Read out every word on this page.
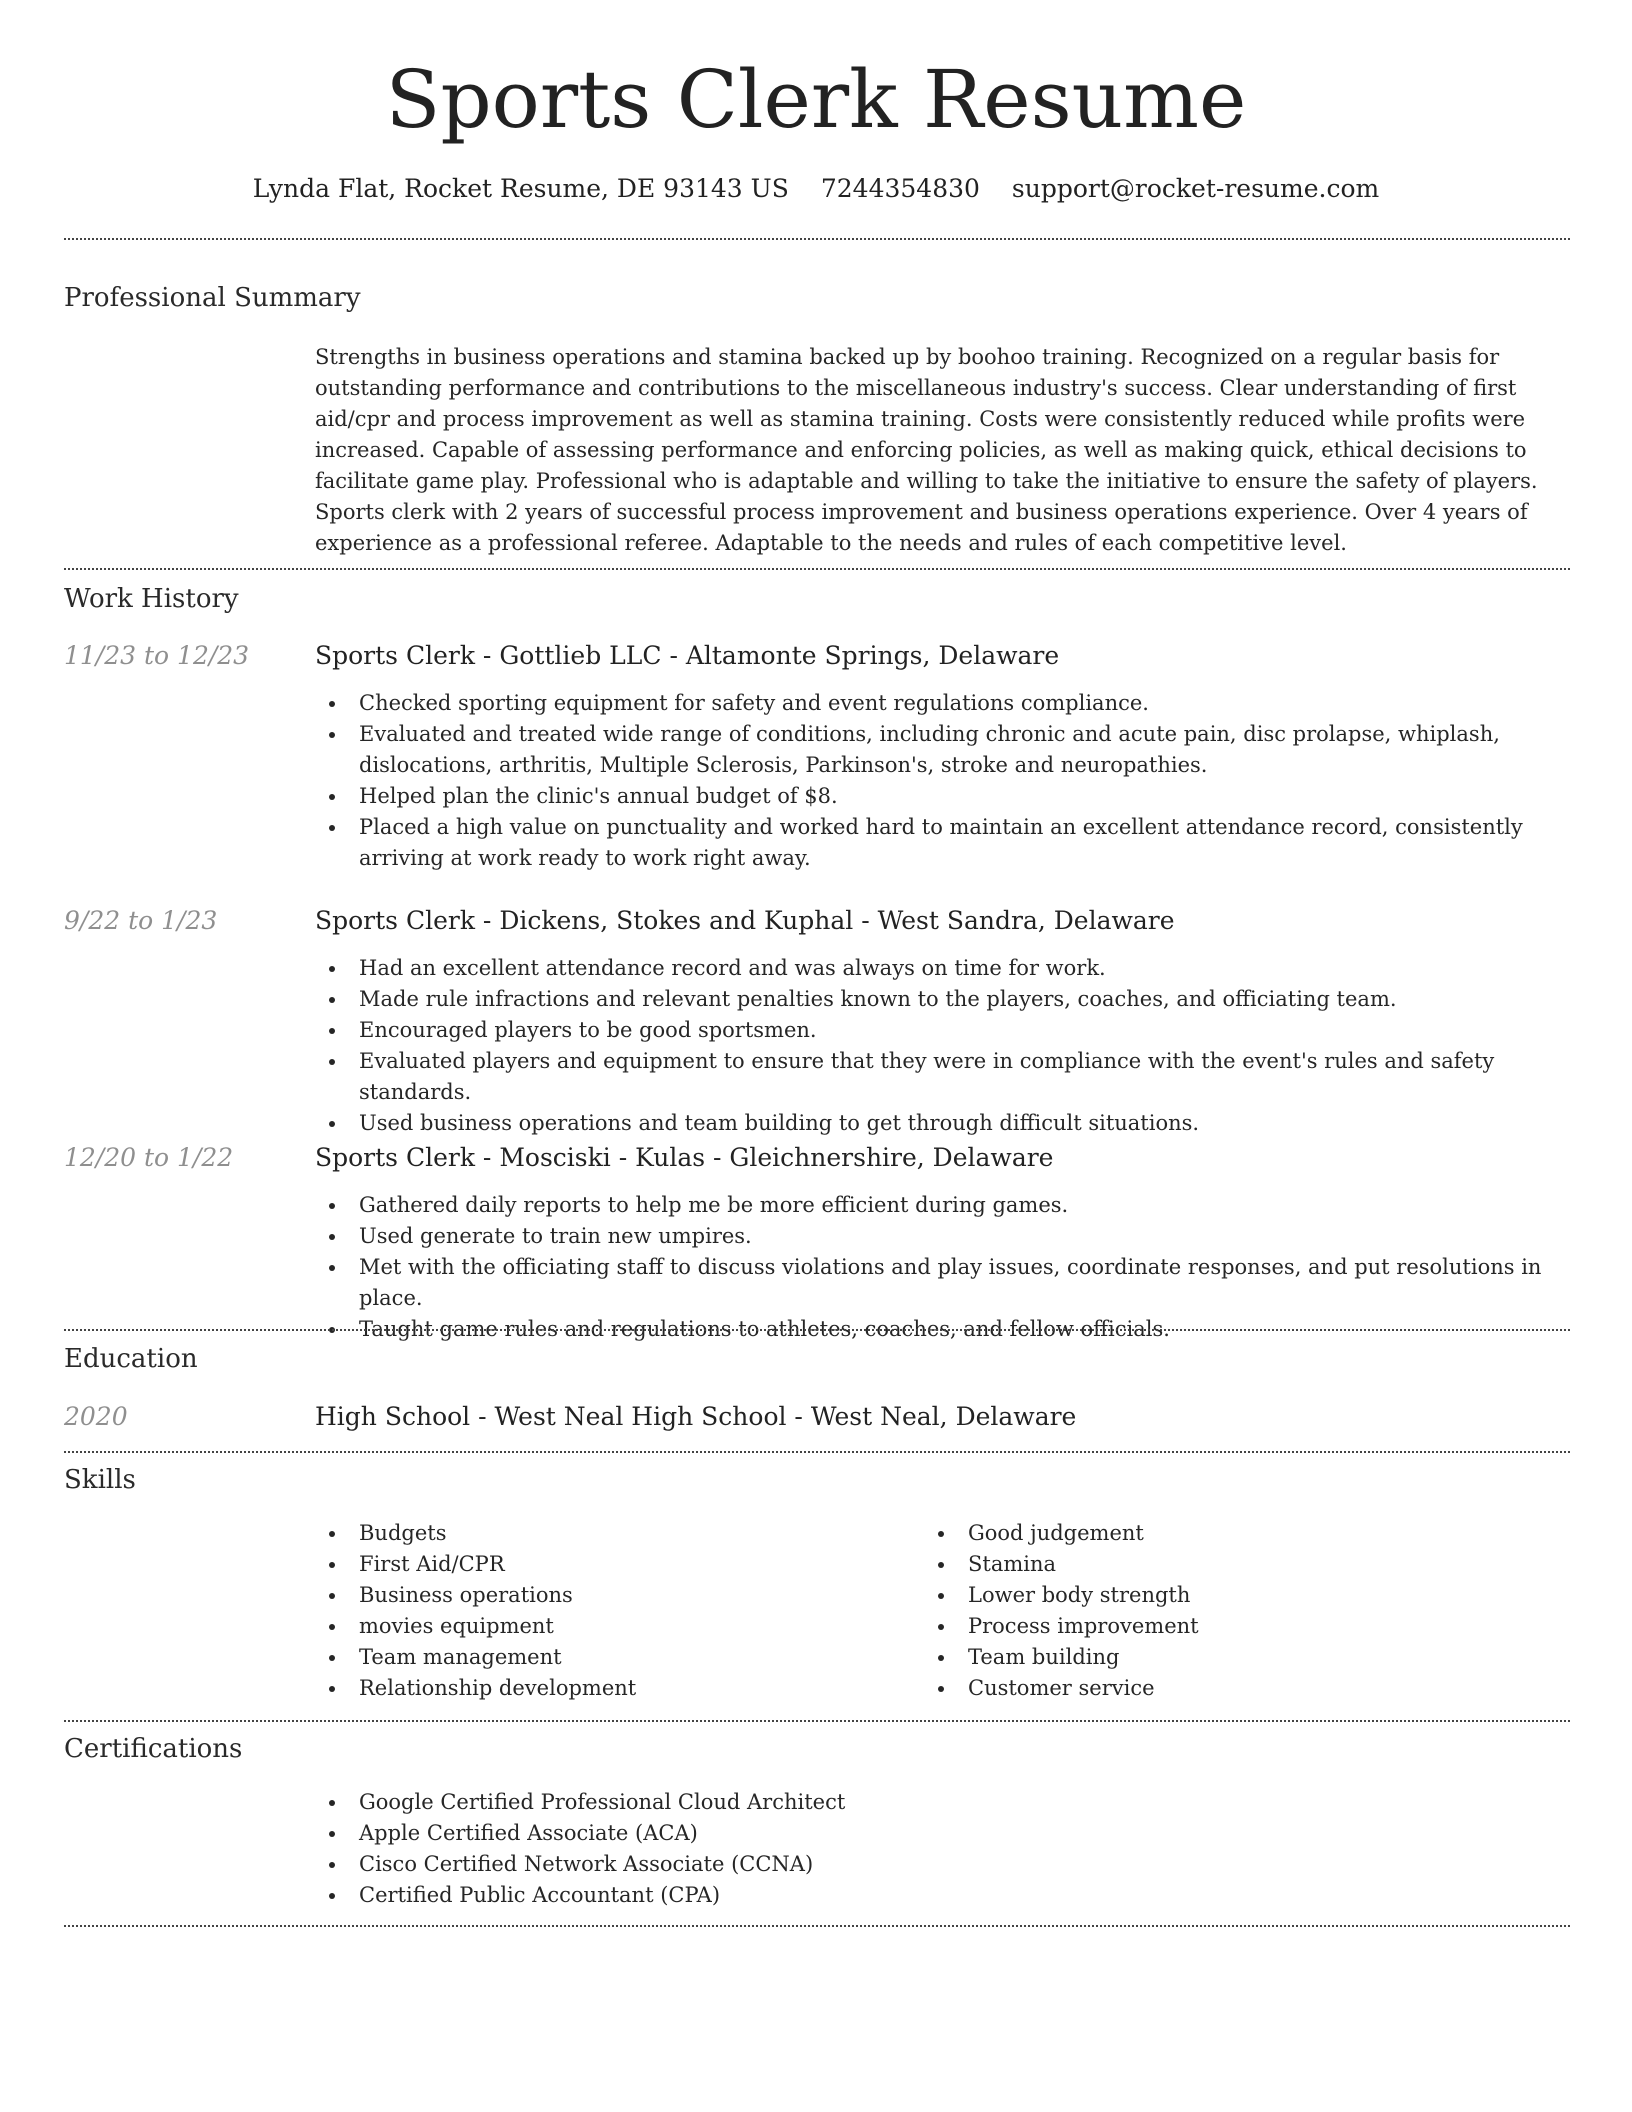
Sports Clerk Resume
Lynda Flat, Rocket Resume, DE 93143 US 7244354830 support@rocket-resume.com
Professional Summary

Strengths in business operations and stamina backed up by boohoo training. Recognized on a regular basis for outstanding performance and contributions to the miscellaneous industry's success. Clear understanding of first aid/cpr and process improvement as well as stamina training. Costs were consistently reduced while profits were increased. Capable of assessing performance and enforcing policies, as well as making quick, ethical decisions to facilitate game play. Professional who is adaptable and willing to take the initiative to ensure the safety of players. Sports clerk with 2 years of successful process improvement and business operations experience. Over 4 years of experience as a professional referee. Adaptable to the needs and rules of each competitive level.

Work History
11/23 to 12/23	Sports Clerk - Gottlieb LLC - Altamonte Springs, Delaware
Checked sporting equipment for safety and event regulations compliance.
Evaluated and treated wide range of conditions, including chronic and acute pain, disc prolapse, whiplash, dislocations, arthritis, Multiple Sclerosis, Parkinson's, stroke and neuropathies.
Helped plan the clinic's annual budget of $8.
Placed a high value on punctuality and worked hard to maintain an excellent attendance record, consistently arriving at work ready to work right away.
9/22 to 1/23	Sports Clerk - Dickens, Stokes and Kuphal - West Sandra, Delaware
Had an excellent attendance record and was always on time for work.
Made rule infractions and relevant penalties known to the players, coaches, and officiating team.
Encouraged players to be good sportsmen.
Evaluated players and equipment to ensure that they were in compliance with the event's rules and safety standards.
Used business operations and team building to get through difficult situations.
12/20 to 1/22	Sports Clerk - Mosciski - Kulas - Gleichnershire, Delaware
Gathered daily reports to help me be more efficient during games.
Used generate to train new umpires.
Met with the officiating staff to discuss violations and play issues, coordinate responses, and put resolutions in place.
Taught game rules and regulations to athletes, coaches, and fellow officials.
Education
2020	High School - West Neal High School - West Neal, Delaware
Skills
Budgets
First Aid/CPR
Business operations
movies equipment
Team management
Relationship development
Good judgement
Stamina
Lower body strength
Process improvement
Team building
Customer service
Certifications
Google Certified Professional Cloud Architect
Apple Certified Associate (ACA)
Cisco Certified Network Associate (CCNA)
Certified Public Accountant (CPA)
